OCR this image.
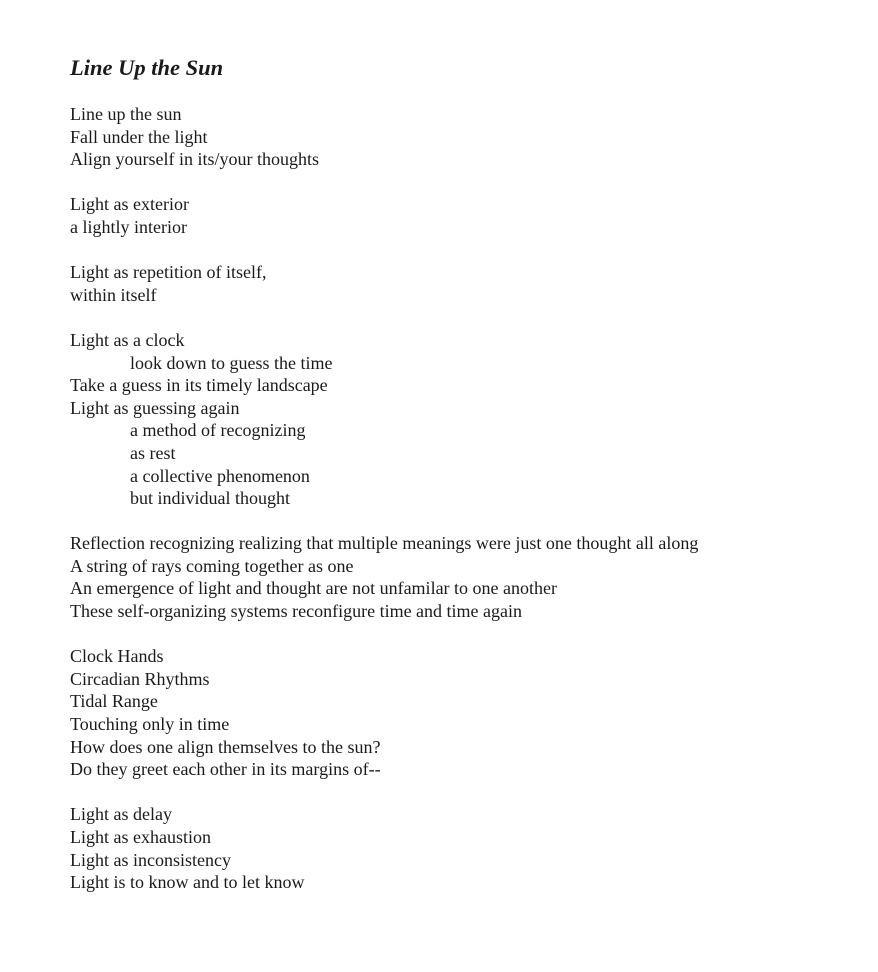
Line Up the Sun
Line up the sun
Fall under the light
Align yourself in its/your thoughts
Light as exterior
a lightly interior
Light as repetition of itself,
within itself
Light as a clock
look down to guess the time
Take a guess in its timely landscape
Light as guessing again
a method of recognizing
as rest
a collective phenomenon
but individual thought
Reflection recognizing realizing that multiple meanings were just one thought all along
A string of rays coming together as one
An emergence of light and thought are not unfamilar to one another
These self-organizing systems reconfigure time and time again
Clock Hands
Circadian Rhythms
Tidal Range
Touching only in time
How does one align themselves to the sun?
Do they greet each other in its margins of--
Light as delay
Light as exhaustion
Light as inconsistency
Light is to know and to let know
